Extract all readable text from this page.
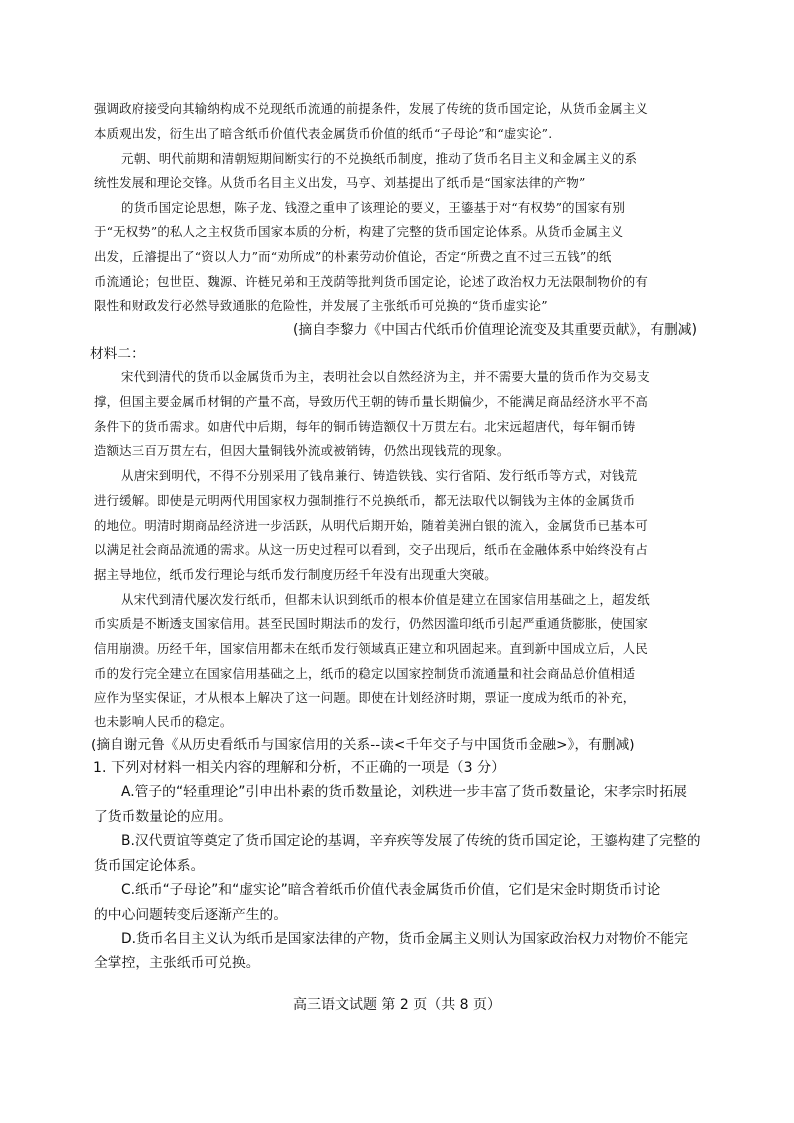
强调政府接受向其输纳构成不兑现纸币流通的前提条件，发展了传统的货币国定论，从货币金属主义
本质观出发，衍生出了暗含纸币价值代表金属货币价值的纸币“子母论”和“虚实论”.
元朝、明代前期和清朝短期间断实行的不兑换纸币制度，推动了货币名目主义和金属主义的系
统性发展和理论交锋。从货币名目主义出发，马亨、刘基提出了纸币是“国家法律的产物”
的货币国定论思想，陈子龙、钱澄之重申了该理论的要义，王鎏基于对“有权势”的国家有别
于“无权势”的私人之主权货币国家本质的分析，构建了完整的货币国定论体系。从货币金属主义
出发，丘濬提出了“资以人力”而“劝所成”的朴素劳动价值论，否定“所费之直不过三五钱”的纸
币流通论；包世臣、魏源、许梿兄弟和王茂荫等批判货币国定论，论述了政治权力无法限制物价的有
限性和财政发行必然导致通胀的危险性，并发展了主张纸币可兑换的“货币虚实论”
(摘自李黎力《中国古代纸币价值理论流变及其重要贡献》，有删减)
材料二：
宋代到清代的货币以金属货币为主，表明社会以自然经济为主，并不需要大量的货币作为交易支
撑，但国主要金属币材铜的产量不高，导致历代王朝的铸币量长期偏少，不能满足商品经济水平不高
条件下的货币需求。如唐代中后期，每年的铜币铸造额仅十万贯左右。北宋远超唐代，每年铜币铸
造额达三百万贯左右，但因大量铜钱外流或被销铸，仍然出现钱荒的现象。
从唐宋到明代，不得不分别采用了钱帛兼行、铸造铁钱、实行省陌、发行纸币等方式，对钱荒
进行缓解。即使是元明两代用国家权力强制推行不兑换纸币，都无法取代以铜钱为主体的金属货币
的地位。明清时期商品经济进一步活跃，从明代后期开始，随着美洲白银的流入，金属货币已基本可
以满足社会商品流通的需求。从这一历史过程可以看到，交子出现后，纸币在金融体系中始终没有占
据主导地位，纸币发行理论与纸币发行制度历经千年没有出现重大突破。
从宋代到清代屡次发行纸币，但都未认识到纸币的根本价值是建立在国家信用基础之上，超发纸
币实质是不断透支国家信用。甚至民国时期法币的发行，仍然因滥印纸币引起严重通货膨胀，使国家
信用崩溃。历经千年，国家信用都未在纸币发行领域真正建立和巩固起来。直到新中国成立后，人民
币的发行完全建立在国家信用基础之上，纸币的稳定以国家控制货币流通量和社会商品总价值相适
应作为坚实保证，才从根本上解决了这一问题。即使在计划经济时期，票证一度成为纸币的补充，
也未影响人民币的稳定。
(摘自谢元鲁《从历史看纸币与国家信用的关系--读<千年交子与中国货币金融>》，有删减)
1. 下列对材料一相关内容的理解和分析，不正确的一项是（3 分）
A.管子的“轻重理论”引申出朴素的货币数量论，刘秩进一步丰富了货币数量论，宋孝宗时拓展
了货币数量论的应用。
B.汉代贾谊等奠定了货币国定论的基调，辛弃疾等发展了传统的货币国定论，王鎏构建了完整的
货币国定论体系。
C.纸币“子母论”和“虚实论”暗含着纸币价值代表金属货币价值，它们是宋金时期货币讨论
的中心问题转变后逐渐产生的。
D.货币名目主义认为纸币是国家法律的产物，货币金属主义则认为国家政治权力对物价不能完
全掌控，主张纸币可兑换。
高三语文试题 第 2 页（共 8 页）
